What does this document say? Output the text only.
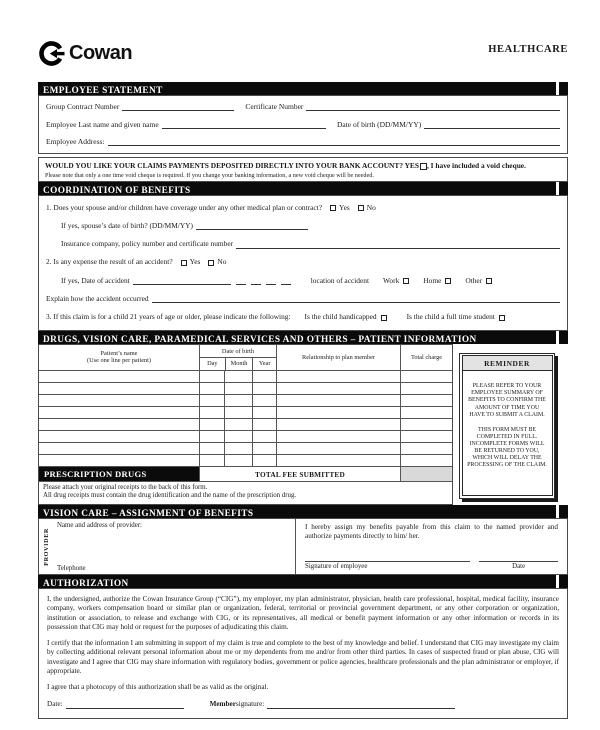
Cowan	HEALTHCARE
EMPLOYEE STATEMENT
Group Contract Number	Certificate Number
Employee Last name and given name	Date of birth (DD/MM/YY)
Employee Address:
WOULD YOU LIKE YOUR CLAIMS PAYMENTS DEPOSITED DIRECTLY INTO YOUR BANK ACCOUNT? YES , I have included a void cheque.
Please note that only a one time void cheque is required. If you change your banking information, a new void cheque will be needed.
COORDINATION OF BENEFITS
1. Does your spouse and/or children have coverage under any other medical plan or contract? Yes No
If yes, spouse’s date of birth? (DD/MM/YY)
Insurance company, policy number and certificate number
2. Is any expense the result of an accident? Yes No
If yes, Date of accident	location of accident Work	Home	Other
Explain how the accident occurred
3. If this claim is for a child 21 years of age or older, please indicate the following: Is the child handicapped	Is the child a full time student
DRUGS, VISION CARE, PARAMEDICAL SERVICES AND OTHERS – PATIENT INFORMATION
Patient’s name
(Use one line per patient)
Date of birth
Day	Month	Year
Relationship to plan member	Total charge
PRESCRIPTION DRUGS	TOTAL FEE SUBMITTED
Please attach your original receipts to the back of this form.
All drug receipts must contain the drug identification and the name of the prescription drug.
REMINDER

PLEASE REFER TO YOUR EMPLOYEE SUMMARY OF BENEFITS TO CONFIRM THE AMOUNT OF TIME YOU HAVE TO SUBMIT A CLAIM.

THIS FORM MUST BE COMPLETED IN FULL. INCOMPLETE FORMS WILL BE RETURNED TO YOU, WHICH WILL DELAY THE PROCESSING OF THE CLAIM.

VISION CARE – ASSIGNMENT OF BENEFITS
PROVIDER
Name and address of provider:
Telephone
I hereby assign my benefits payable from this claim to the named provider and authorize payments directly to him/ her.
Signature of employee	Date
AUTHORIZATION

I, the undersigned, authorize the Cowan Insurance Group (“CIG”), my employer, my plan administrator, physician, health care professional, hospital, medical facility, insurance company, workers compensation board or similar plan or organization, federal, territorial or provincial government department, or any other corporation or organization, institution or association, to release and exchange with CIG, or its representatives, all medical or benefit payment information or any other information or records in its possession that CIG may hold or request for the purposes of adjudicating this claim.

I certify that the information I am submitting in support of my claim is true and complete to the best of my knowledge and belief. I understand that CIG may investigate my claim by collecting additional relevant personal information about me or my dependents from me and/or from other third parties. In cases of suspected fraud or plan abuse, CIG will investigate and I agree that CIG may share information with regulatory bodies, government or police agencies, healthcare professionals and the plan administrator or employer, if appropriate.

I agree that a photocopy of this authorization shall be as valid as the original.

Date:	Member signature:
